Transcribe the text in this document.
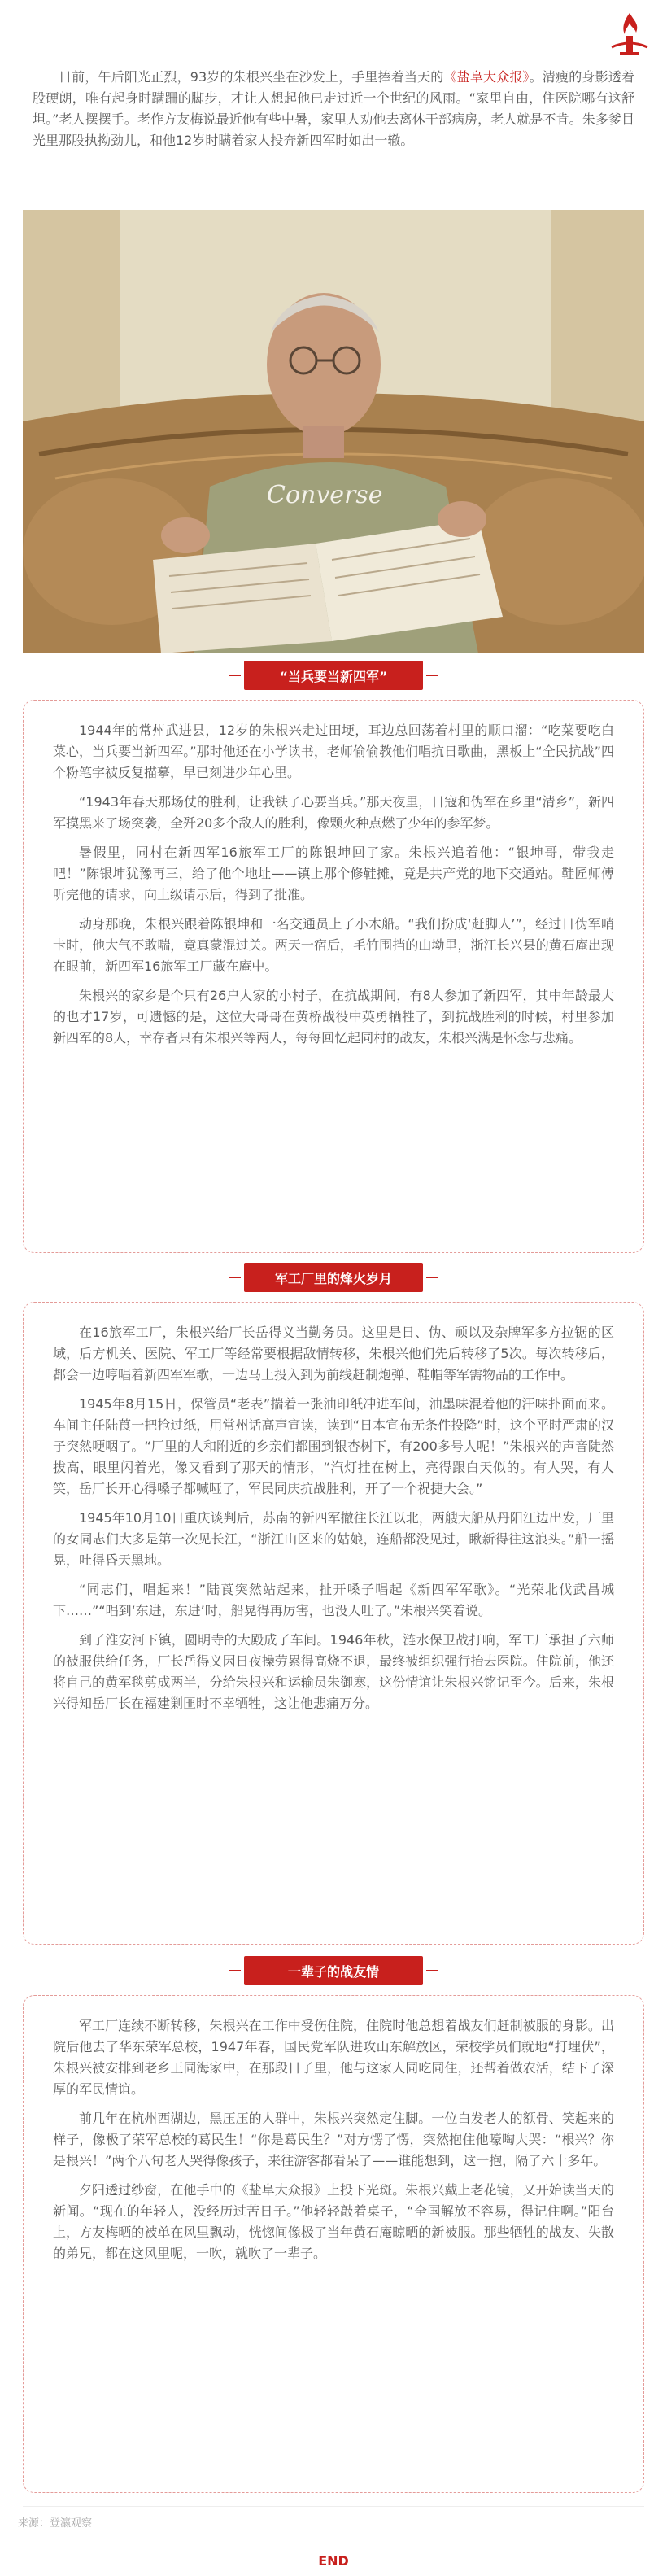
日前，午后阳光正烈，93岁的朱根兴坐在沙发上，手里捧着当天的《盐阜大众报》。清瘦的身影透着股硬朗，唯有起身时蹒跚的脚步，才让人想起他已走过近一个世纪的风雨。“家里自由，住医院哪有这舒坦。”老人摆摆手。老作方友梅说最近他有些中暑，家里人劝他去离休干部病房，老人就是不肯。朱多爹目光里那股执拗劲儿，和他12岁时瞒着家人投奔新四军时如出一辙。

Converse
“当兵要当新四军”

1944年的常州武进县，12岁的朱根兴走过田埂，耳边总回荡着村里的顺口溜：“吃菜要吃白菜心，当兵要当新四军。”那时他还在小学读书，老师偷偷教他们唱抗日歌曲，黑板上“全民抗战”四个粉笔字被反复描摹，早已刻进少年心里。

“1943年春天那场仗的胜利，让我铁了心要当兵。”那天夜里，日寇和伪军在乡里“清乡”，新四军摸黑来了场突袭，全歼20多个敌人的胜利，像颗火种点燃了少年的参军梦。

暑假里，同村在新四军16旅军工厂的陈银坤回了家。朱根兴追着他：“银坤哥，带我走吧！”陈银坤犹豫再三，给了他个地址——镇上那个修鞋摊，竟是共产党的地下交通站。鞋匠师傅听完他的请求，向上级请示后，得到了批准。

动身那晚，朱根兴跟着陈银坤和一名交通员上了小木船。“我们扮成‘赶脚人’”，经过日伪军哨卡时，他大气不敢喘，竟真蒙混过关。两天一宿后，毛竹围挡的山坳里，浙江长兴县的黄石庵出现在眼前，新四军16旅军工厂藏在庵中。

朱根兴的家乡是个只有26户人家的小村子，在抗战期间，有8人参加了新四军，其中年龄最大的也才17岁，可遗憾的是，这位大哥哥在黄桥战役中英勇牺牲了，到抗战胜利的时候，村里参加新四军的8人，幸存者只有朱根兴等两人，每每回忆起同村的战友，朱根兴满是怀念与悲痛。

军工厂里的烽火岁月

在16旅军工厂，朱根兴给厂长岳得义当勤务员。这里是日、伪、顽以及杂牌军多方拉锯的区域，后方机关、医院、军工厂等经常要根据敌情转移，朱根兴他们先后转移了5次。每次转移后，都会一边哼唱着新四军军歌，一边马上投入到为前线赶制炮弹、鞋帽等军需物品的工作中。

1945年8月15日，保管员“老表”揣着一张油印纸冲进车间，油墨味混着他的汗味扑面而来。车间主任陆莨一把抢过纸，用常州话高声宣读，读到“日本宣布无条件投降”时，这个平时严肃的汉子突然哽咽了。“厂里的人和附近的乡亲们都围到银杏树下，有200多号人呢！”朱根兴的声音陡然拔高，眼里闪着光，像又看到了那天的情形，“汽灯挂在树上，亮得跟白天似的。有人哭，有人笑，岳厂长开心得嗓子都喊哑了，军民同庆抗战胜利，开了一个祝捷大会。”

1945年10月10日重庆谈判后，苏南的新四军撤往长江以北，两艘大船从丹阳江边出发，厂里的女同志们大多是第一次见长江，“浙江山区来的姑娘，连船都没见过，瞅新得往这浪头。”船一摇晃，吐得昏天黑地。

“同志们，唱起来！”陆莨突然站起来，扯开嗓子唱起《新四军军歌》。“光荣北伐武昌城下……”“唱到‘东进，东进’时，船晃得再厉害，也没人吐了。”朱根兴笑着说。

到了淮安河下镇，圆明寺的大殿成了车间。1946年秋，涟水保卫战打响，军工厂承担了六师的被服供给任务，厂长岳得义因日夜操劳累得高烧不退，最终被组织强行抬去医院。住院前，他还将自己的黄军毯剪成两半，分给朱根兴和运输员朱御寒，这份情谊让朱根兴铭记至今。后来，朱根兴得知岳厂长在福建剿匪时不幸牺牲，这让他悲痛万分。

一辈子的战友情

军工厂连续不断转移，朱根兴在工作中受伤住院，住院时他总想着战友们赶制被服的身影。出院后他去了华东荣军总校，1947年春，国民党军队进攻山东解放区，荣校学员们就地“打埋伏”，朱根兴被安排到老乡王同海家中，在那段日子里，他与这家人同吃同住，还帮着做农活，结下了深厚的军民情谊。

前几年在杭州西湖边，黑压压的人群中，朱根兴突然定住脚。一位白发老人的额骨、笑起来的样子，像极了荣军总校的葛民生！“你是葛民生？”对方愣了愣，突然抱住他嚎啕大哭：“根兴？你是根兴！”两个八旬老人哭得像孩子，来往游客都看呆了——谁能想到，这一抱，隔了六十多年。

夕阳透过纱窗，在他手中的《盐阜大众报》上投下光斑。朱根兴戴上老花镜，又开始读当天的新闻。“现在的年轻人，没经历过苦日子。”他轻轻敲着桌子，“全国解放不容易，得记住啊。”阳台上，方友梅晒的被单在风里飘动，恍惚间像极了当年黄石庵晾晒的新被服。那些牺牲的战友、失散的弟兄，都在这风里呢，一吹，就吹了一辈子。

来源：登瀛观察
END
